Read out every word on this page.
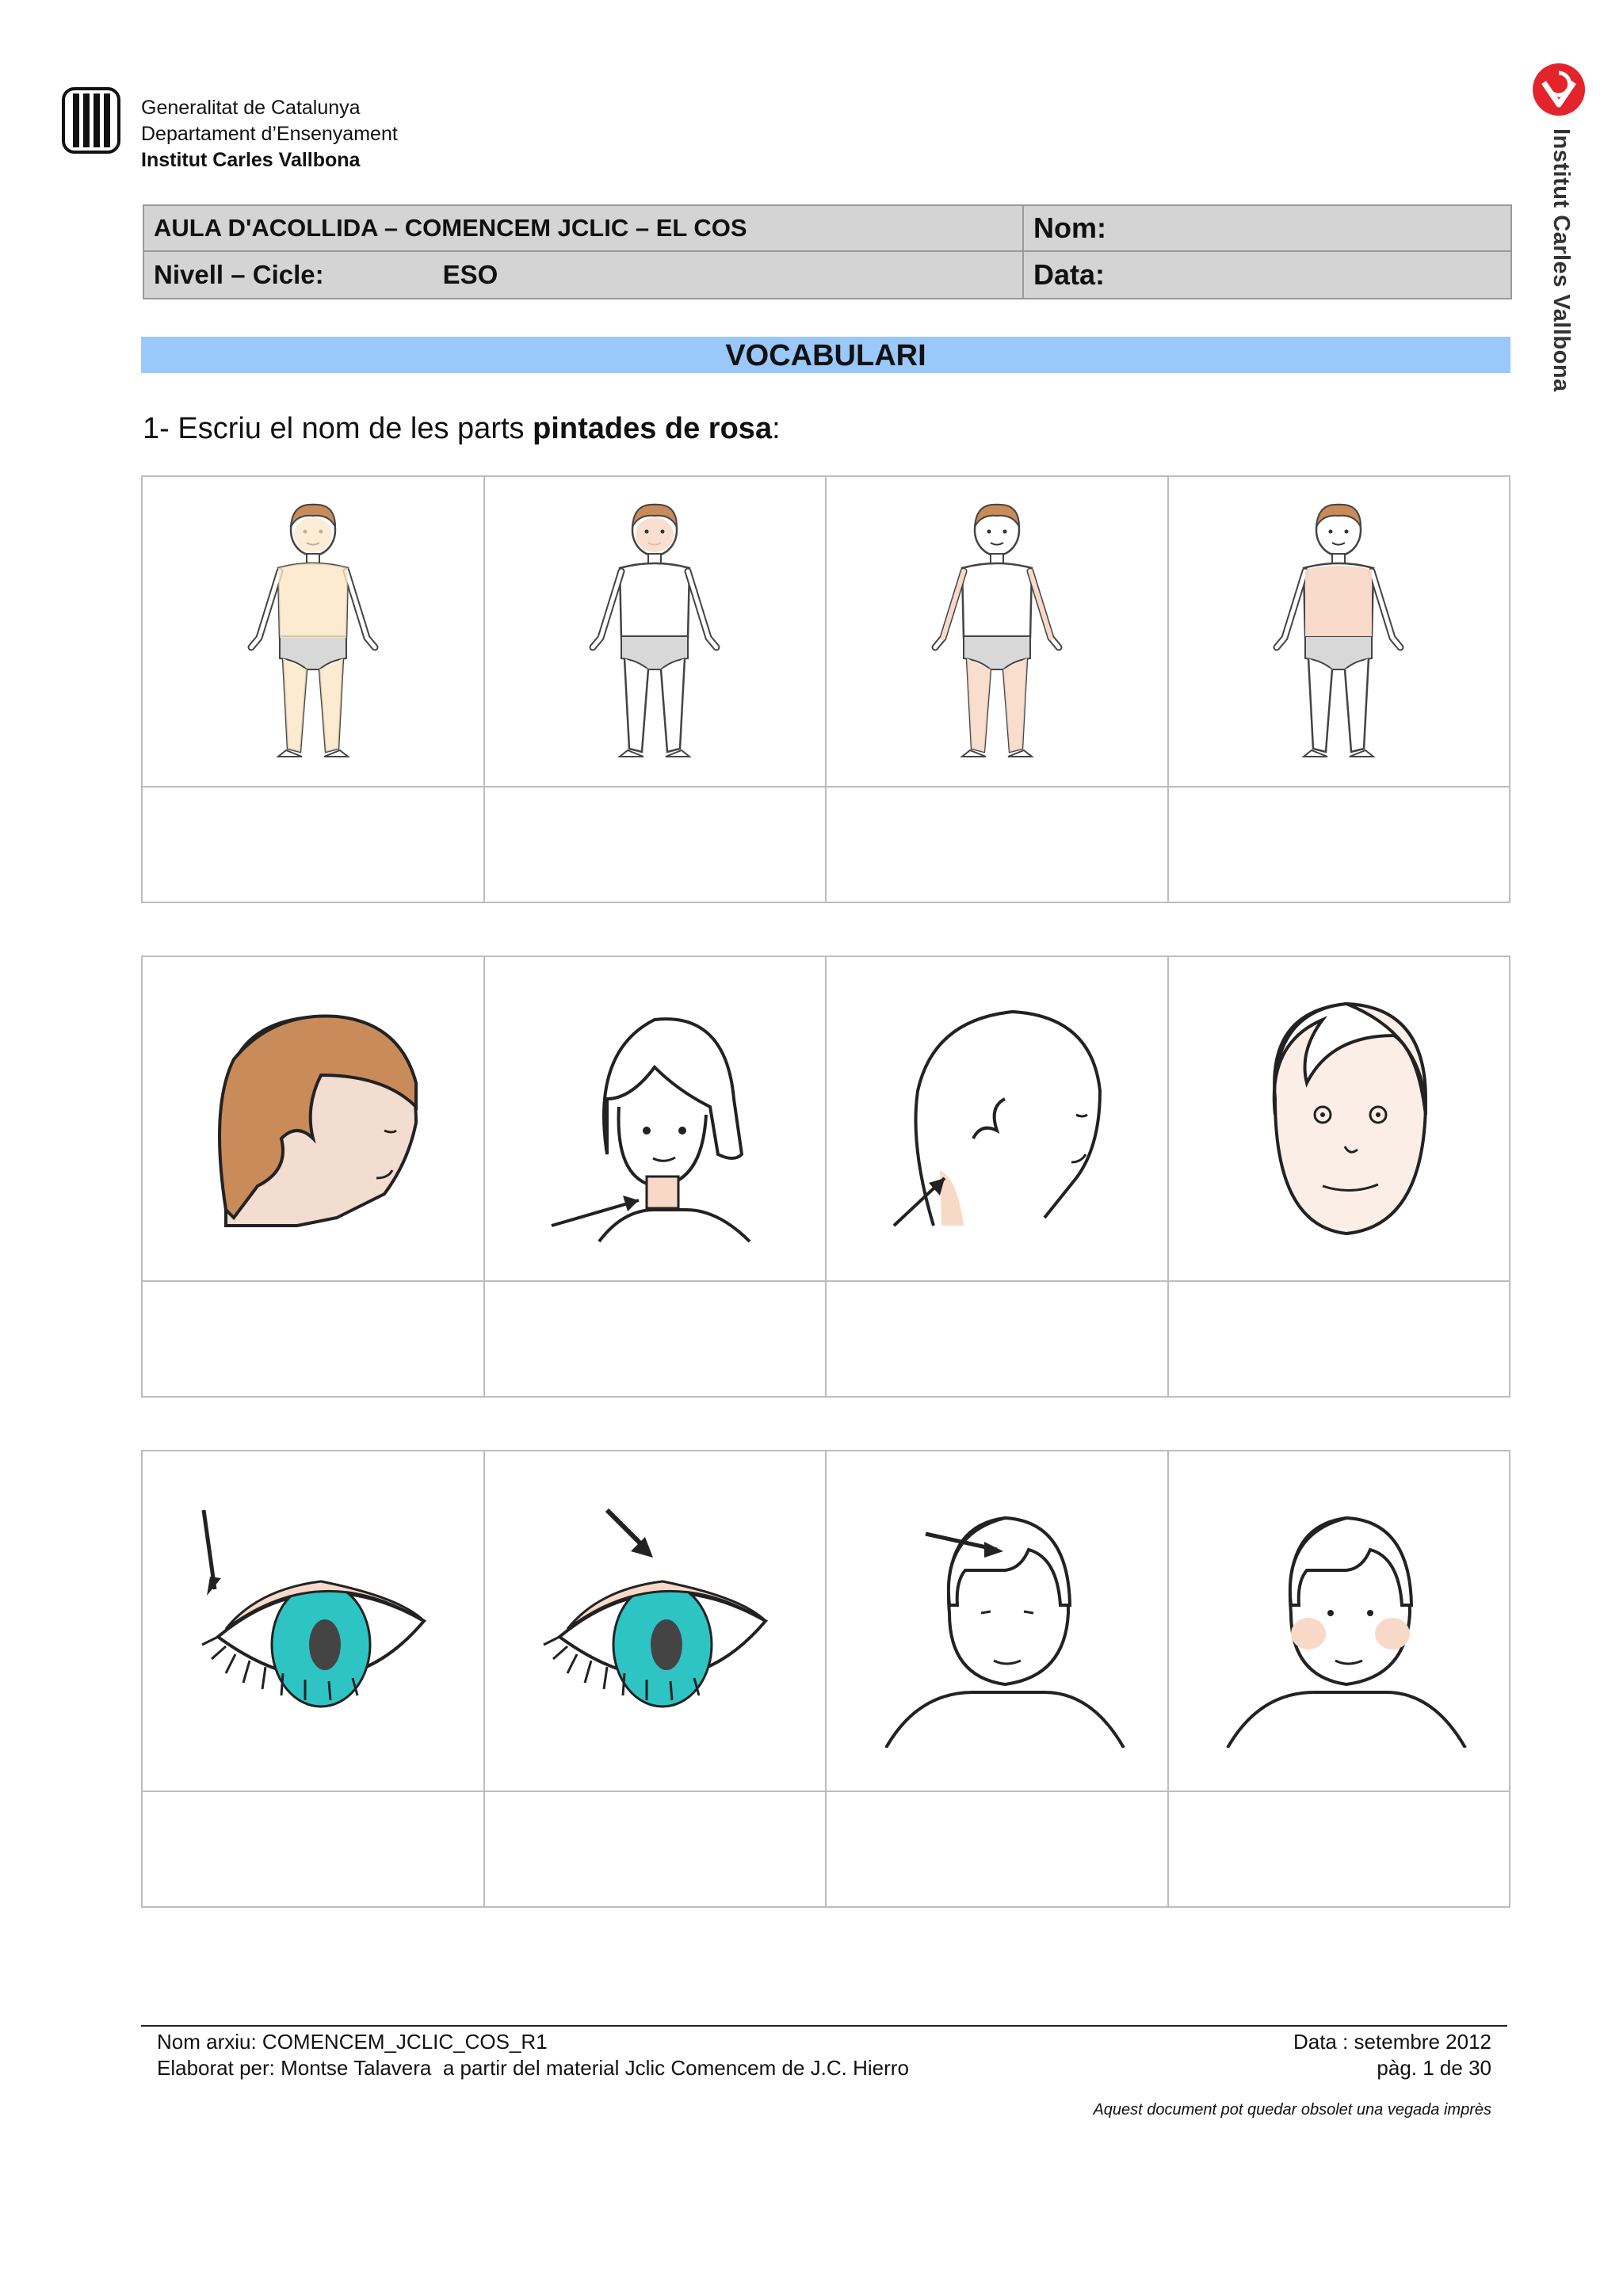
Generalitat de Catalunya
Departament d’Ensenyament
Institut Carles Vallbona	Institut Carles Vallbona
AULA D'ACOLLIDA – COMENCEM JCLIC – EL COS	Nom:
Nivell – Cicle: ESO	Data:
VOCABULARI
1- Escriu el nom de les parts pintades de rosa:

Nom arxiu: COMENCEM_JCLIC_COS_R1
Elaborat per: Montse Talavera  a partir del material Jclic Comencem de J.C. Hierro
Data : setembre 2012
pàg. 1 de 30
Aquest document pot quedar obsolet una vegada imprès
